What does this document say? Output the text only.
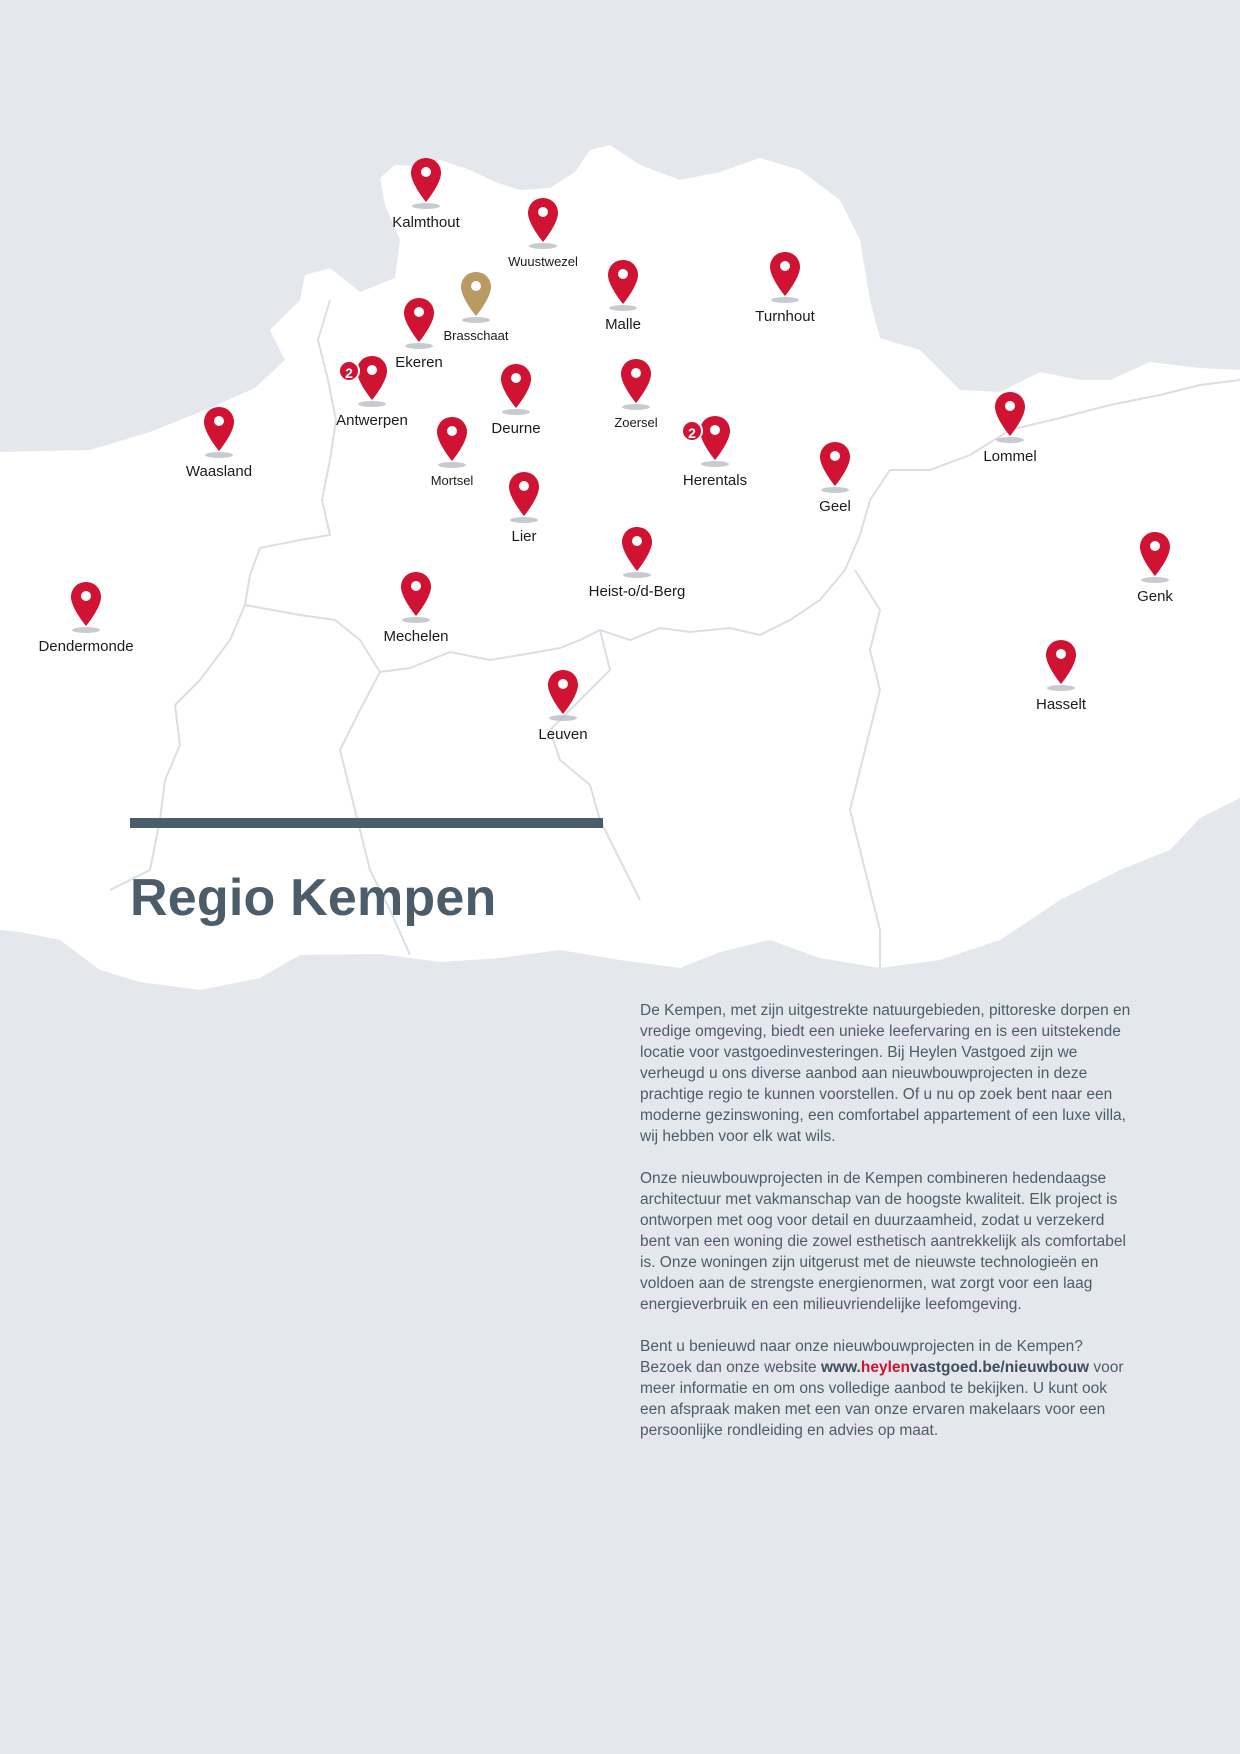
Kalmthout
Wuustwezel
Brasschaat
Malle	Turnhout
Ekeren
2
Antwerpen	Deurne	Zoersel
2
Herentals
Lommel
Waasland
Mortsel
Lier
Geel
Genk
Heist-o/d-Berg
Dendermonde
Mechelen
Hasselt
Leuven
Regio Kempen

De Kempen, met zijn uitgestrekte natuurgebieden, pittoreske dorpen en vredige omgeving, biedt een unieke leefervaring en is een uitstekende locatie voor vastgoedinvesteringen. Bij Heylen Vastgoed zijn we verheugd u ons diverse aanbod aan nieuwbouwprojecten in deze prachtige regio te kunnen voorstellen. Of u nu op zoek bent naar een moderne gezinswoning, een comfortabel appartement of een luxe villa, wij hebben voor elk wat wils.

Onze nieuwbouwprojecten in de Kempen combineren hedendaagse architectuur met vakmanschap van de hoogste kwaliteit. Elk project is ontworpen met oog voor detail en duurzaamheid, zodat u verzekerd bent van een woning die zowel esthetisch aantrekkelijk als comfortabel is. Onze woningen zijn uitgerust met de nieuwste technologieën en voldoen aan de strengste energienormen, wat zorgt voor een laag energieverbruik en een milieuvriendelijke leefomgeving.

Bent u benieuwd naar onze nieuwbouwprojecten in de Kempen? Bezoek dan onze website www.heylenvastgoed.be/nieuwbouw voor meer informatie en om ons volledige aanbod te bekijken. U kunt ook een afspraak maken met een van onze ervaren makelaars voor een persoonlijke rondleiding en advies op maat.
